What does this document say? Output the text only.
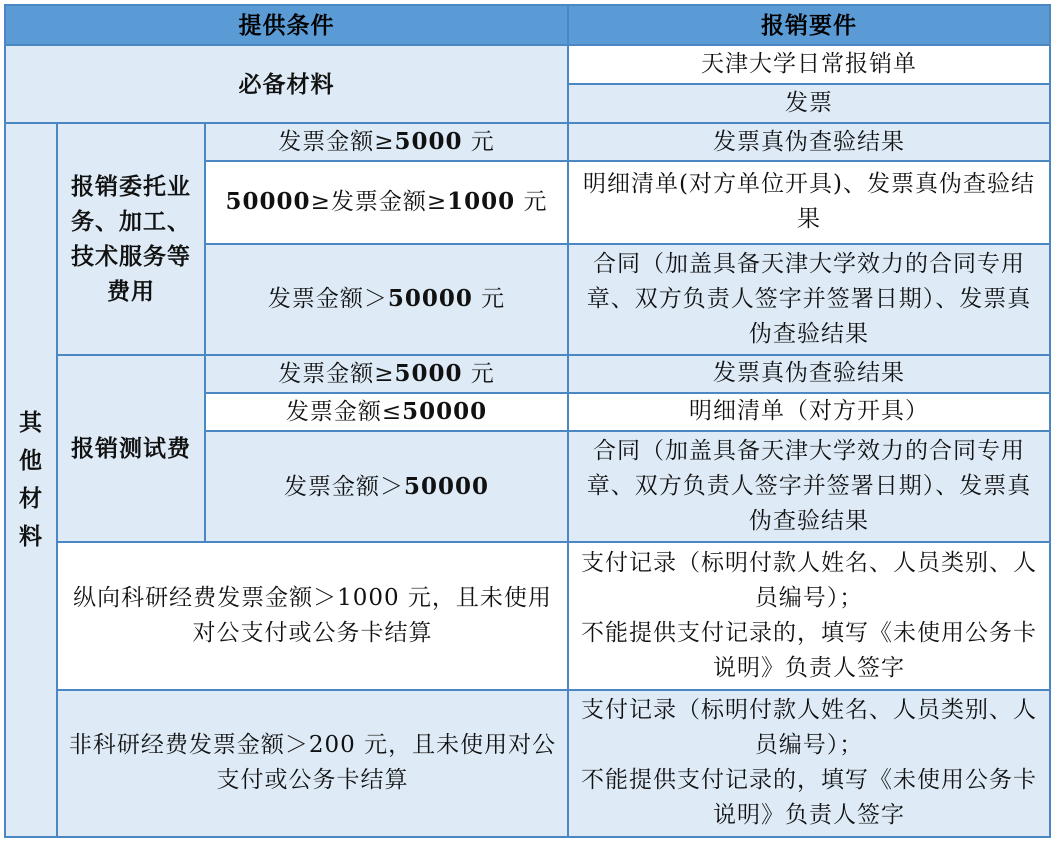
提供条件			报销要件
必备材料			天津大学日常报销单
			发票
其他材料	报销委托业务、加工、技术服务等费用	发票金额≥5000 元	发票真伪查验结果
		50000≥发票金额≥1000 元	明细清单(对方单位开具)、发票真伪查验结果
		发票金额＞50000 元	合同（加盖具备天津大学效力的合同专用章、双方负责人签字并签署日期）、发票真伪查验结果
	报销测试费	发票金额≥5000 元	发票真伪查验结果
		发票金额≤50000	明细清单（对方开具）
		发票金额＞50000	合同（加盖具备天津大学效力的合同专用章、双方负责人签字并签署日期）、发票真伪查验结果
	纵向科研经费发票金额＞1000 元，且未使用对公支付或公务卡结算		支付记录（标明付款人姓名、人员类别、人员编号）；
不能提供支付记录的，填写《未使用公务卡说明》负责人签字
	非科研经费发票金额＞200 元，且未使用对公支付或公务卡结算		支付记录（标明付款人姓名、人员类别、人员编号）；
不能提供支付记录的，填写《未使用公务卡说明》负责人签字
